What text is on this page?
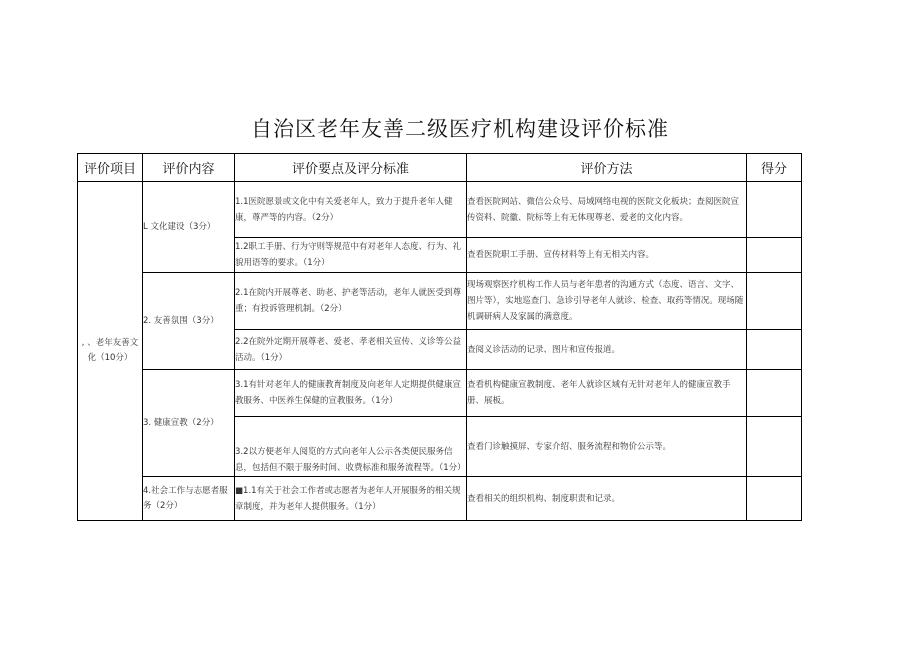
自治区老年友善二级医疗机构建设评价标准
评价项目	评价内容	评价要点及评分标准	评价方法	得分
, 、老年友善文化（10分）	L 文化建设（3分）	1.1医院愿景或文化中有关爱老年人，致力于提升老年人健康，尊严等的内容。（2分）	查看医院网站、微信公众号、局域网络电视的医院文化板块；查阅医院宣传资料、院徽、院标等上有无体现尊老、爱老的文化内容。	
		1.2职工手册、行为守则等规范中有对老年人态度、行为、礼貌用语等的要求。（1分）	查看医院职工手册、宣传材料等上有无相关内容。	
	2. 友善氛围（3分）	2.1在院内开展尊老、助老、护老等活动，老年人就医受到尊重；有投诉管理机制。（2分）	现场观察医疗机构工作人员与老年患者的沟通方式（态度、语言、文字、图片等），实地巡查门、急诊引导老年人就诊、检查、取药等情况。现场随机调研病人及家属的满意度。	
		2.2在院外定期开展尊老、爱老、孝老相关宣传、义诊等公益活动。（1分）	查阅义诊活动的记录、图片和宣传报道。	
	3. 健康宣教（2分）	3.1有针对老年人的健康教育制度及向老年人定期提供健康宣教服务、中医养生保健的宣教服务。（1分）	查看机构健康宣教制度、老年人就诊区域有无针对老年人的健康宣教手册、展板。	
		3.2以方便老年人阅览的方式向老年人公示各类便民服务信息，包括但不限于服务时间、收费标准和服务流程等。（1分）	查看门诊触摸屏、专家介绍、服务流程和物价公示等。	
	4.社会工作与志愿者服务（2分）	■1.1有关于社会工作者或志愿者为老年人开展服务的相关规章制度，并为老年人提供服务。（1分）	查看相关的组织机构、制度职责和记录。	
